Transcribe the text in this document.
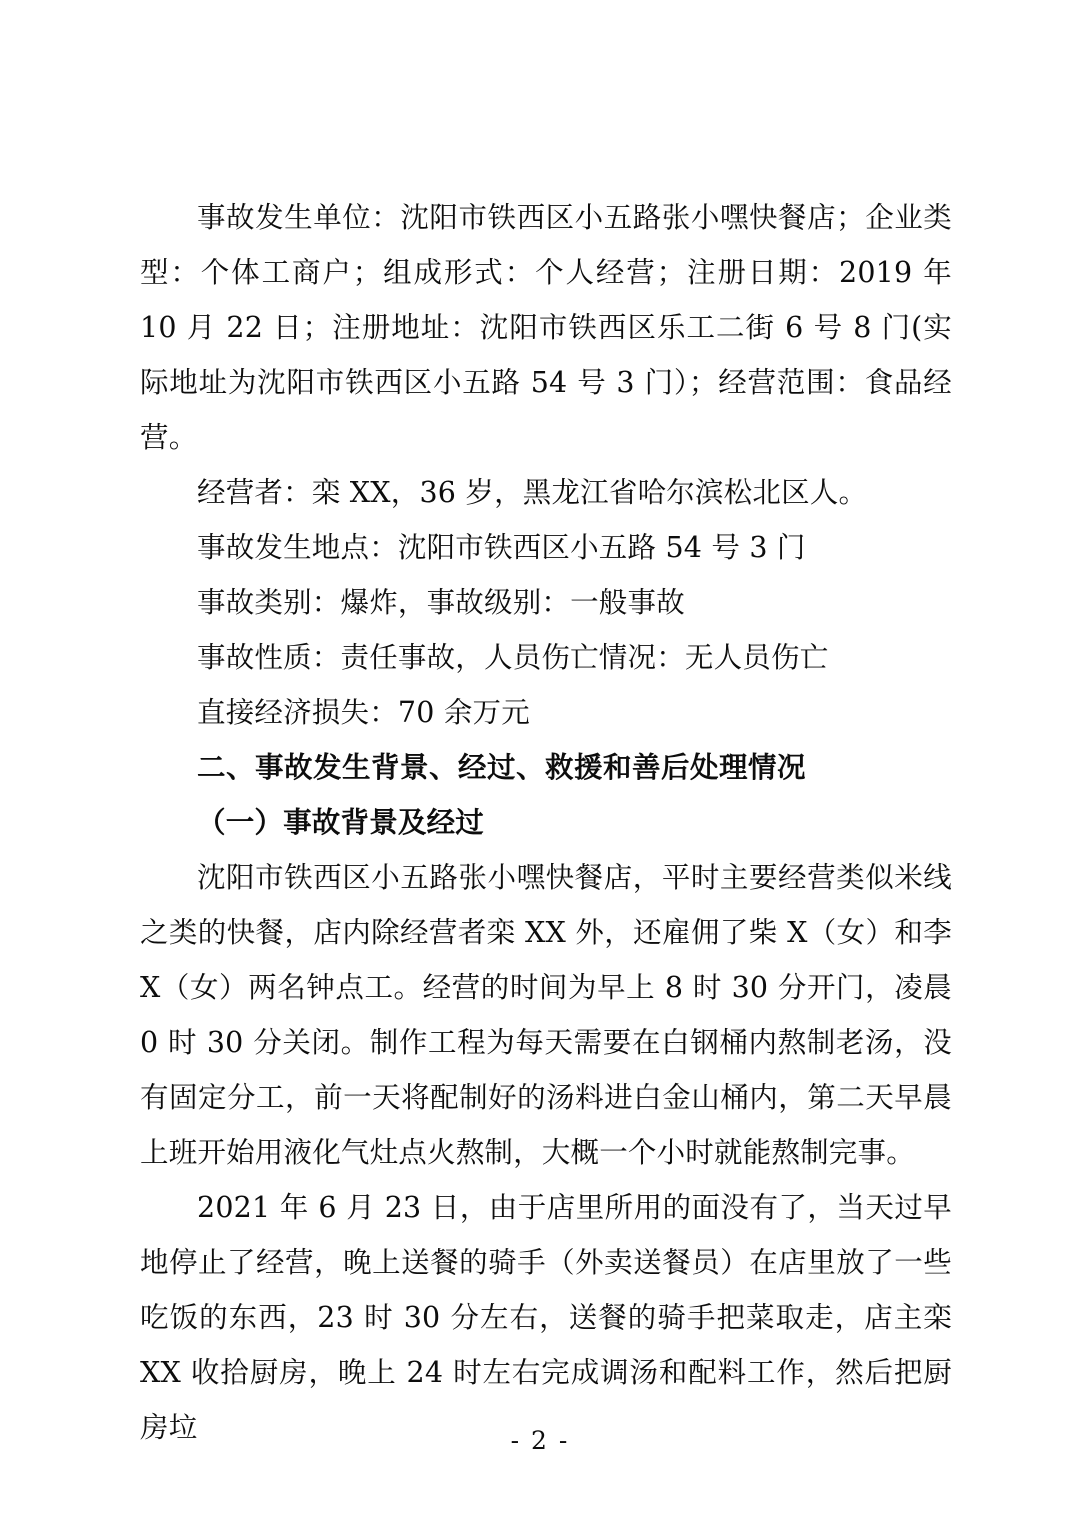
事故发生单位：沈阳市铁西区小五路张小嘿快餐店；企业类型：个体工商户；组成形式：个人经营；注册日期：2019 年 10 月 22 日；注册地址：沈阳市铁西区乐工二街 6 号 8 门(实际地址为沈阳市铁西区小五路 54 号 3 门）；经营范围：食品经营。

经营者：栾 XX，36 岁，黑龙江省哈尔滨松北区人。

事故发生地点：沈阳市铁西区小五路 54 号 3 门

事故类别：爆炸，事故级别：一般事故

事故性质：责任事故，人员伤亡情况：无人员伤亡

直接经济损失：70 余万元

二、事故发生背景、经过、救援和善后处理情况

（一）事故背景及经过

沈阳市铁西区小五路张小嘿快餐店，平时主要经营类似米线之类的快餐，店内除经营者栾 XX 外，还雇佣了柴 X（女）和李 X（女）两名钟点工。经营的时间为早上 8 时 30 分开门，凌晨 0 时 30 分关闭。制作工程为每天需要在白钢桶内熬制老汤，没有固定分工，前一天将配制好的汤料进白金山桶内，第二天早晨上班开始用液化气灶点火熬制，大概一个小时就能熬制完事。

2021 年 6 月 23 日，由于店里所用的面没有了，当天过早地停止了经营，晚上送餐的骑手（外卖送餐员）在店里放了一些吃饭的东西，23 时 30 分左右，送餐的骑手把菜取走，店主栾 XX 收拾厨房，晚上 24 时左右完成调汤和配料工作，然后把厨房垃	- 2 -
